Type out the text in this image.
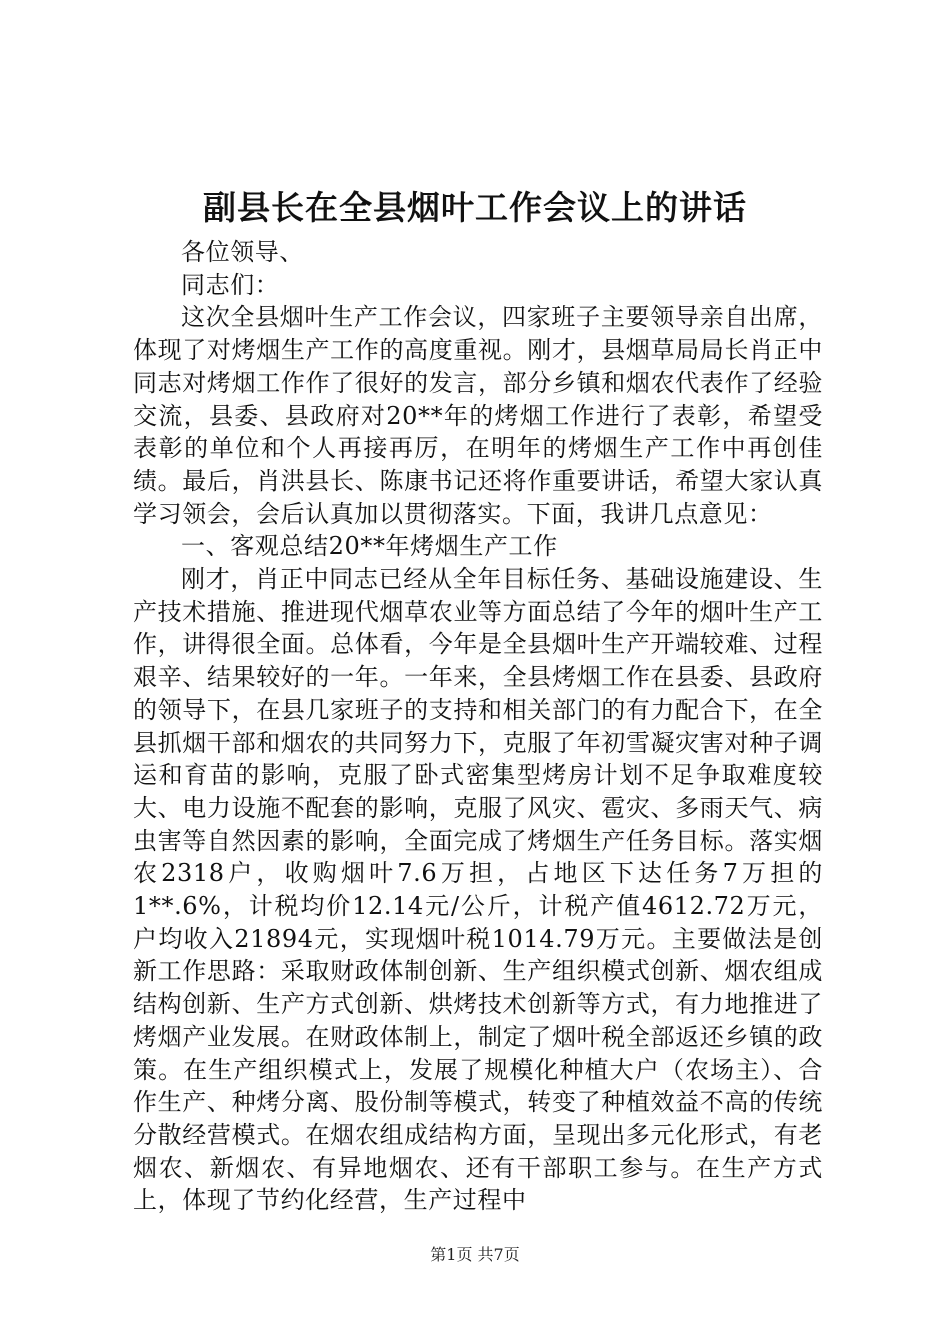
副县长在全县烟叶工作会议上的讲话

各位领导、

同志们：

这次全县烟叶生产工作会议，四家班子主要领导亲自出席，体现了对烤烟生产工作的高度重视。刚才，县烟草局局长肖正中同志对烤烟工作作了很好的发言，部分乡镇和烟农代表作了经验交流，县委、县政府对20**年的烤烟工作进行了表彰，希望受表彰的单位和个人再接再厉，在明年的烤烟生产工作中再创佳绩。最后，肖洪县长、陈康书记还将作重要讲话，希望大家认真学习领会，会后认真加以贯彻落实。下面，我讲几点意见：

一、客观总结20**年烤烟生产工作

刚才，肖正中同志已经从全年目标任务、基础设施建设、生产技术措施、推进现代烟草农业等方面总结了今年的烟叶生产工作，讲得很全面。总体看，今年是全县烟叶生产开端较难、过程艰辛、结果较好的一年。一年来，全县烤烟工作在县委、县政府的领导下，在县几家班子的支持和相关部门的有力配合下，在全县抓烟干部和烟农的共同努力下，克服了年初雪凝灾害对种子调运和育苗的影响，克服了卧式密集型烤房计划不足争取难度较大、电力设施不配套的影响，克服了风灾、雹灾、多雨天气、病虫害等自然因素的影响，全面完成了烤烟生产任务目标。落实烟农2318户，收购烟叶7.6万担，占地区下达任务7万担的1**.6%，计税均价12.14元/公斤，计税产值4612.72万元，户均收入21894元，实现烟叶税1014.79万元。主要做法是创新工作思路：采取财政体制创新、生产组织模式创新、烟农组成结构创新、生产方式创新、烘烤技术创新等方式，有力地推进了烤烟产业发展。在财政体制上，制定了烟叶税全部返还乡镇的政策。在生产组织模式上，发展了规模化种植大户（农场主）、合作生产、种烤分离、股份制等模式，转变了种植效益不高的传统分散经营模式。在烟农组成结构方面，呈现出多元化形式，有老烟农、新烟农、有异地烟农、还有干部职工参与。在生产方式上，体现了节约化经营，生产过程中

第1页 共7页
